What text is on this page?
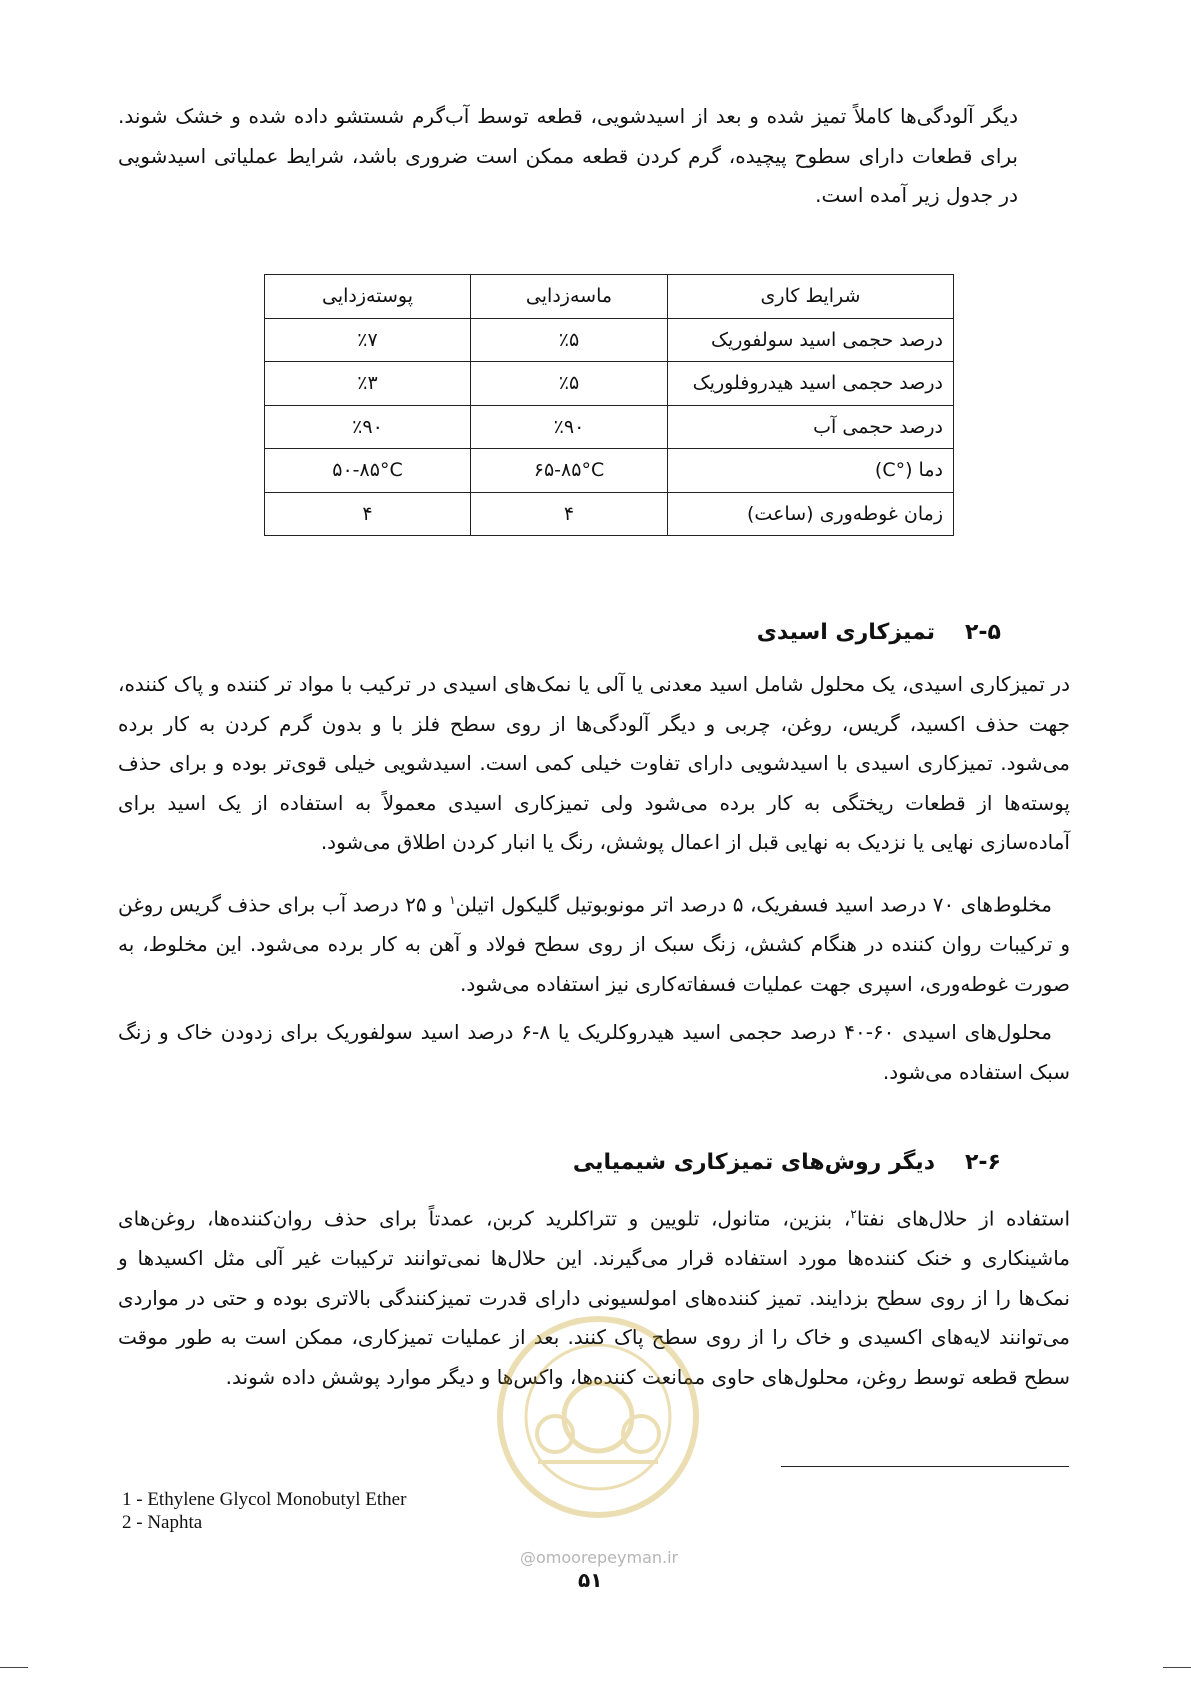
دیگر آلودگی‌ها کاملاً تمیز شده و بعد از اسیدشویی، قطعه توسط آب‌گرم شستشو داده شده و خشک شوند. برای قطعات دارای سطوح پیچیده، گرم کردن قطعه ممکن است ضروری باشد، شرایط عملیاتی اسیدشویی در جدول زیر آمده است.

شرایط کاری	ماسه‌زدایی	پوسته‌زدایی
درصد حجمی اسید سولفوریک	٪۵	٪۷
درصد حجمی اسید هیدروفلوریک	٪۵	٪۳
درصد حجمی آب	٪۹۰	٪۹۰
دما (°C)	۶۵-۸۵°C	۵۰-۸۵°C
زمان غوطه‌وری (ساعت)	۴	۴
۲-۵تمیزکاری اسیدی

در تمیزکاری اسیدی، یک محلول شامل اسید معدنی یا آلی یا نمک‌های اسیدی در ترکیب با مواد تر کننده و پاک کننده، جهت حذف اکسید، گریس، روغن، چربی و دیگر آلودگی‌ها از روی سطح فلز با و بدون گرم کردن به کار برده می‌شود. تمیزکاری اسیدی با اسیدشویی دارای تفاوت خیلی کمی است. اسیدشویی خیلی قوی‌تر بوده و برای حذف پوسته‌ها از قطعات ریختگی به کار برده می‌شود ولی تمیزکاری اسیدی معمولاً به استفاده از یک اسید برای آماده‌سازی نهایی یا نزدیک به نهایی قبل از اعمال پوشش، رنگ یا انبار کردن اطلاق می‌شود.

مخلوط‌های ۷۰ درصد اسید فسفریک، ۵ درصد اتر مونوبوتیل گلیکول اتیلن$^۱$ و ۲۵ درصد آب برای حذف گریس روغن و ترکیبات روان کننده در هنگام کشش، زنگ سبک از روی سطح فولاد و آهن به کار برده می‌شود. این مخلوط، به صورت غوطه‌وری، اسپری جهت عملیات فسفاته‌کاری نیز استفاده می‌شود.

محلول‌های اسیدی ۶۰-۴۰ درصد حجمی اسید هیدروکلریک یا ۸-۶ درصد اسید سولفوریک برای زدودن خاک و زنگ سبک استفاده می‌شود.

۲-۶دیگر روش‌های تمیزکاری شیمیایی

استفاده از حلال‌های نفتا$^۲$، بنزین، متانول، تلویین و تتراکلرید کربن، عمدتاً برای حذف روان‌کننده‌ها، روغن‌های ماشینکاری و خنک کننده‌ها مورد استفاده قرار می‌گیرند. این حلال‌ها نمی‌توانند ترکیبات غیر آلی مثل اکسیدها و نمک‌ها را از روی سطح بزدایند. تمیز کننده‌های امولسیونی دارای قدرت تمیزکنندگی بالاتری بوده و حتی در مواردی می‌توانند لایه‌های اکسیدی و خاک را از روی سطح پاک کنند. بعد از عملیات تمیزکاری، ممکن است به طور موقت سطح قطعه توسط روغن، محلول‌های حاوی ممانعت کننده‌ها، واکس‌ها و دیگر موارد پوشش داده شوند.

1 - Ethylene Glycol Monobutyl Ether
2 - Naphta
@omoorepeyman.ir
۵۱
